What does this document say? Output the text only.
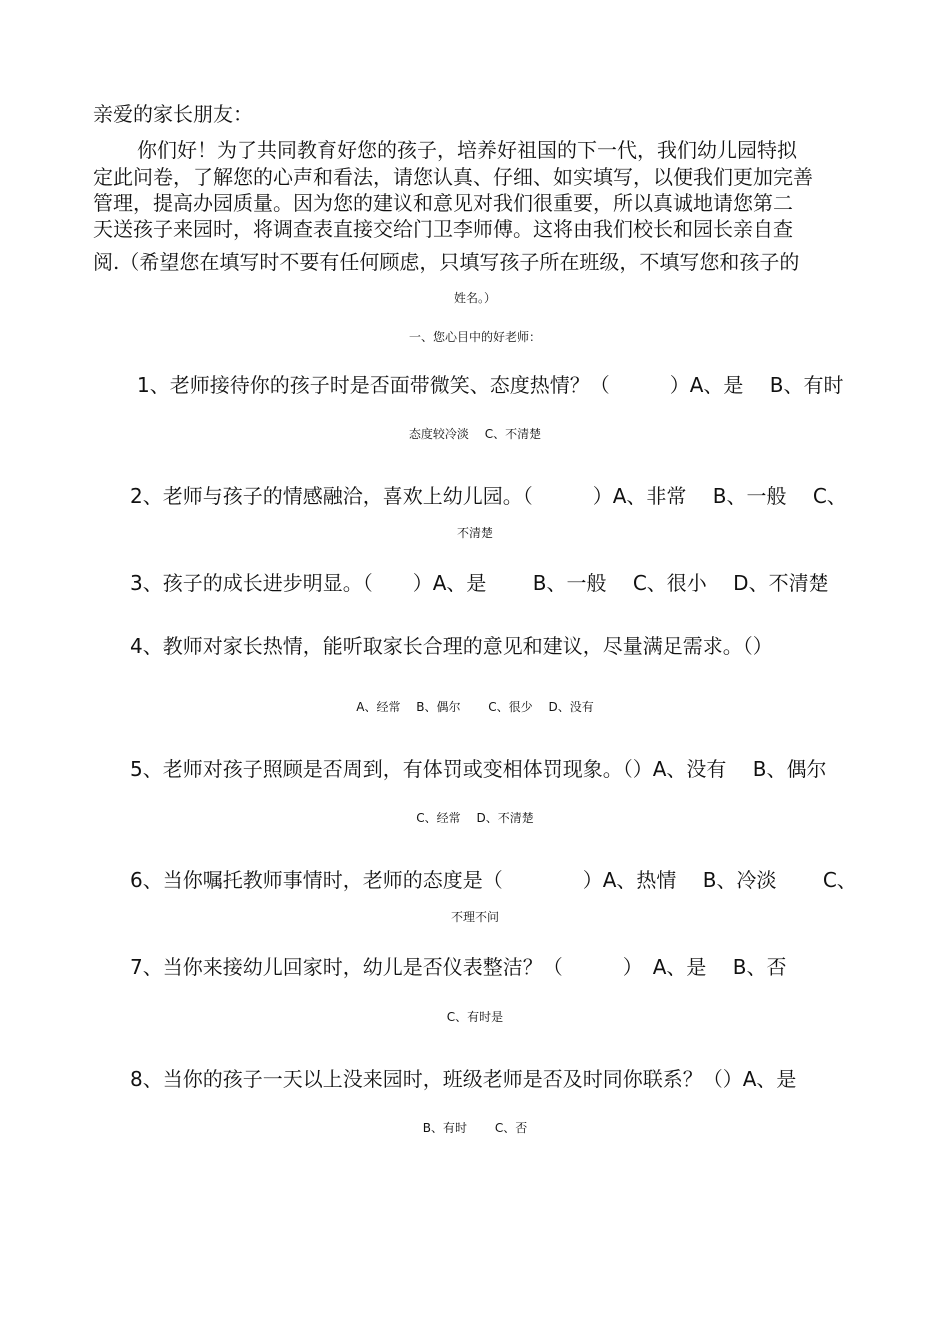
亲爱的家长朋友：
你们好！为了共同教育好您的孩子，培养好祖国的下一代，我们幼儿园特拟
定此问卷，了解您的心声和看法，请您认真、仔细、如实填写，以便我们更加完善
管理，提高办园质量。因为您的建议和意见对我们很重要，所以真诚地请您第二
天送孩子来园时，将调查表直接交给门卫李师傅。这将由我们校长和园长亲自查
阅.（希望您在填写时不要有任何顾虑，只填写孩子所在班级，不填写您和孩子的
姓名。）
一、您心目中的好老师：
1、老师接待你的孩子时是否面带微笑、态度热情？（　　　）A、是　 B、有时
态度较冷淡　 C、不清楚
2、老师与孩子的情感融洽，喜欢上幼儿园。（　　　）A、非常　 B、一般　 C、
不清楚
3、孩子的成长进步明显。（　　）A、是　　 B、一般　 C、很小　 D、不清楚
4、教师对家长热情，能听取家长合理的意见和建议，尽量满足需求。（）
A、经常　 B、偶尔　　 C、很少　 D、没有
5、老师对孩子照顾是否周到，有体罚或变相体罚现象。（）A、没有　 B、偶尔
C、经常　 D、不清楚
6、当你嘱托教师事情时，老师的态度是（　　　　）A、热情　 B、冷淡　　 C、
不理不问
7、当你来接幼儿回家时，幼儿是否仪表整洁？（　　　）　A、是　 B、否
C、有时是
8、当你的孩子一天以上没来园时，班级老师是否及时同你联系？（）A、是
B、有时　　 C、否
